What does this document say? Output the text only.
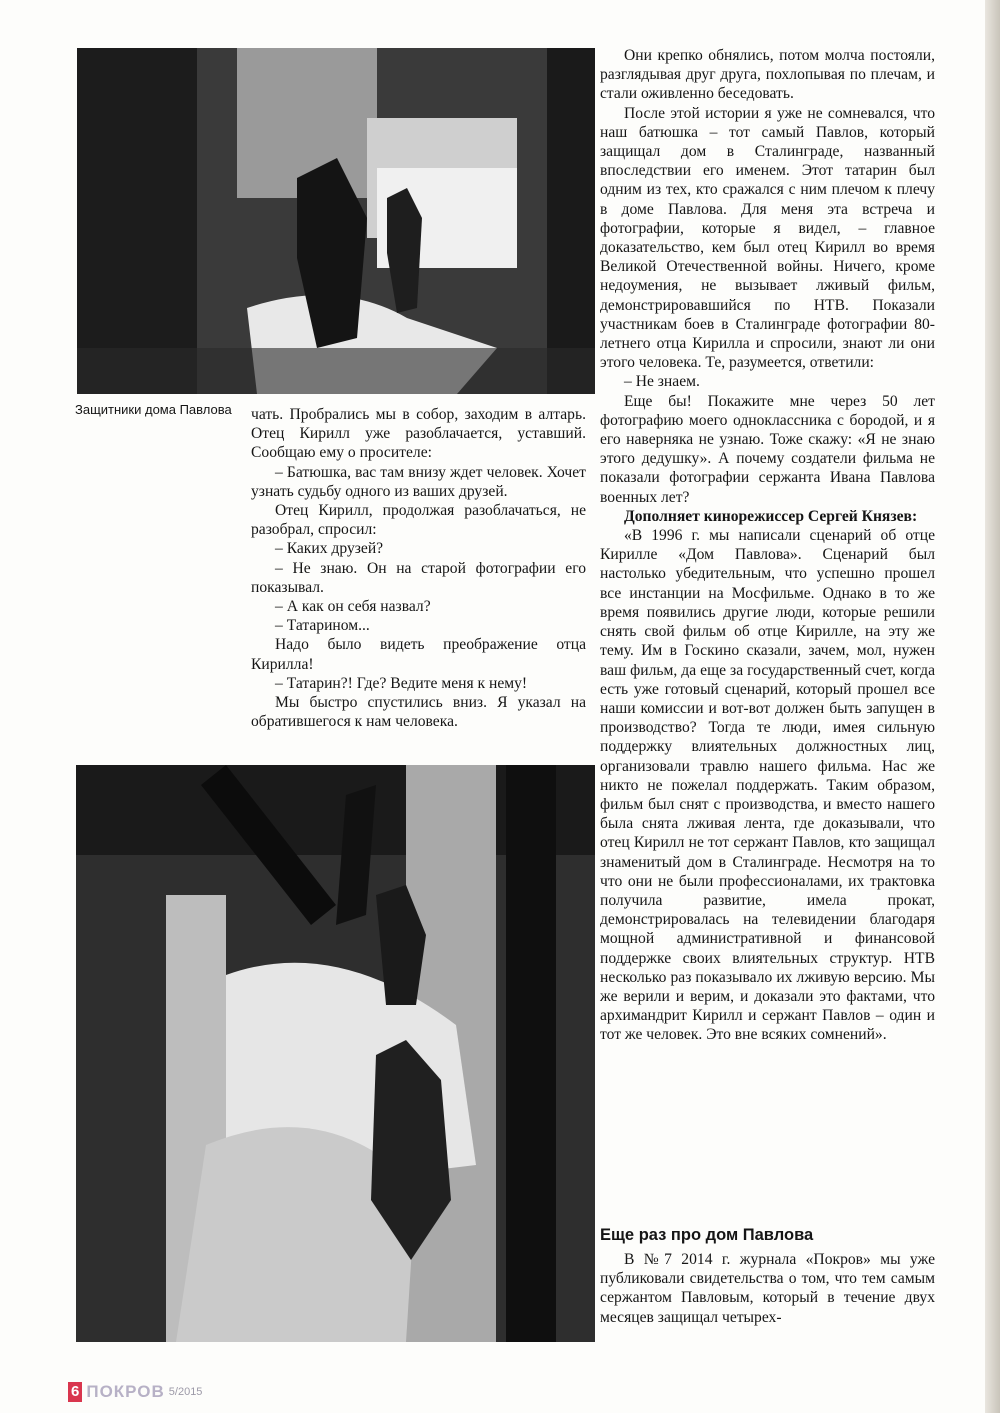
Защитники дома Павлова	чать. Пробрались мы в собор, заходим в алтарь. Отец Кирилл уже разоблачается, уставший. Сообщаю ему о просителе:

– Батюшка, вас там внизу ждет человек. Хочет узнать судьбу одного из ваших друзей.

Отец Кирилл, продолжая разоблачаться, не разобрал, спросил:

– Каких друзей?

– Не знаю. Он на старой фотографии его показывал.

– А как он себя назвал?

– Татарином...

Надо было видеть преображение отца Кирилла!

– Татарин?! Где? Ведите меня к нему!

Мы быстро спустились вниз. Я указал на обратившегося к нам человека.

Они крепко обнялись, потом молча постояли, разглядывая друг друга, похлопывая по плечам, и стали оживленно беседовать.

После этой истории я уже не сомневался, что наш батюшка – тот самый Павлов, который защищал дом в Сталинграде, названный впоследствии его именем. Этот татарин был одним из тех, кто сражался с ним плечом к плечу в доме Павлова. Для меня эта встреча и фотографии, которые я видел, – главное доказательство, кем был отец Кирилл во время Великой Отечественной войны. Ничего, кроме недоумения, не вызывает лживый фильм, демонстрировавшийся по НТВ. Показали участникам боев в Сталинграде фотографии 80-летнего отца Кирилла и спросили, знают ли они этого человека. Те, разумеется, ответили:

– Не знаем.

Еще бы! Покажите мне через 50 лет фотографию моего одноклассника с бородой, и я его наверняка не узнаю. Тоже скажу: «Я не знаю этого дедушку». А почему создатели фильма не показали фотографии сержанта Ивана Павлова военных лет?

Дополняет кинорежиссер Сергей Князев:

«В 1996 г. мы написали сценарий об отце Кирилле «Дом Павлова». Сценарий был настолько убедительным, что успешно прошел все инстанции на Мосфильме. Однако в то же время появились другие люди, которые решили снять свой фильм об отце Кирилле, на эту же тему. Им в Госкино сказали, зачем, мол, нужен ваш фильм, да еще за государственный счет, когда есть уже готовый сценарий, который прошел все наши комиссии и вот-вот должен быть запущен в производство? Тогда те люди, имея сильную поддержку влиятельных должностных лиц, организовали травлю нашего фильма. Нас же никто не пожелал поддержать. Таким образом, фильм был снят с производства, и вместо нашего была снята лживая лента, где доказывали, что отец Кирилл не тот сержант Павлов, кто защищал знаменитый дом в Сталинграде. Несмотря на то что они не были профессионалами, их трактовка получила развитие, имела прокат, демонстрировалась на телевидении благодаря мощной административной и финансовой поддержке своих влиятельных структур. НТВ несколько раз показывало их лживую версию. Мы же верили и верим, и доказали это фактами, что архимандрит Кирилл и сержант Павлов – один и тот же человек. Это вне всяких сомнений».

Еще раз про дом Павлова

В №7 2014 г. журнала «Покров» мы уже публиковали свидетельства о том, что тем самым сержантом Павловым, который в течение двух месяцев защищал четырех-

6 ПОКРОВ 5/2015
